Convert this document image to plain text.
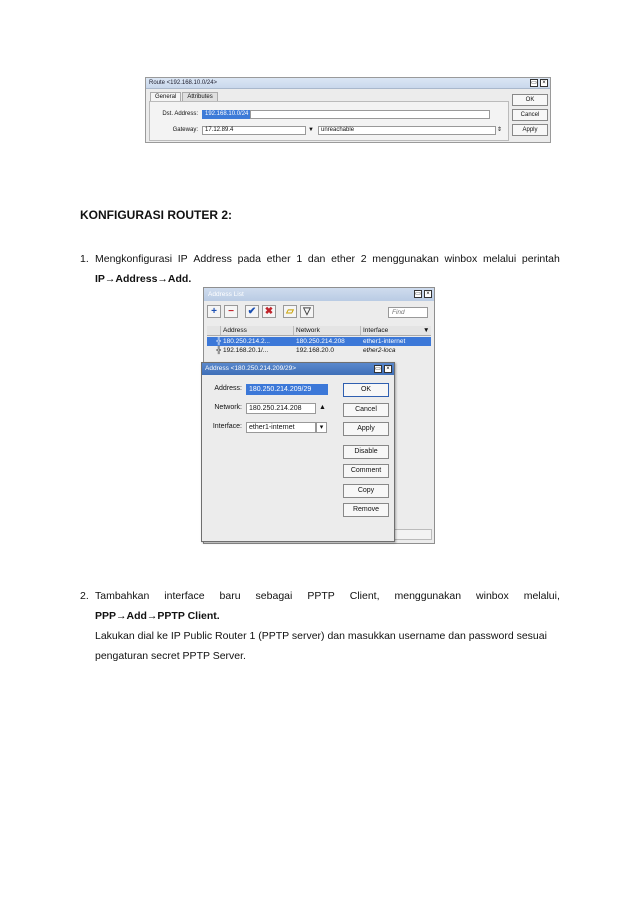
Route <192.168.10.0/24>	▭ ×
General	Attributes
Dst. Address:	192.168.10.0/24
Gateway:	17.12.89.4	▼	unreachable	⇕
OK
Cancel
Apply
KONFIGURASI ROUTER 2:
1. Mengkonfigurasi IP Address pada ether 1 dan ether 2 menggunakan winbox melalui perintah
IP→Address→Add.
Address List	▭ ×
+	−	✔ ✖	▱ ▽	Find
Address	Network	Interface	▼
╬ 180.250.214.2...	180.250.214.208	ether1-internet
╬ 192.168.20.1/...	192.168.20.0	ether2-loca
Address <180.250.214.209/29>	▭ ×
Address:	180.250.214.209/29
Network:	180.250.214.208	▲
Interface:	ether1-internet	▾
OK
Cancel
Apply
Disable
Comment
Copy
Remove
2. Tambahkan interface baru sebagai PPTP Client, menggunakan winbox melalui,
PPP→Add→PPTP Client.
Lakukan dial ke IP Public Router 1 (PPTP server) dan masukkan username dan password sesuai
pengaturan secret PPTP Server.
